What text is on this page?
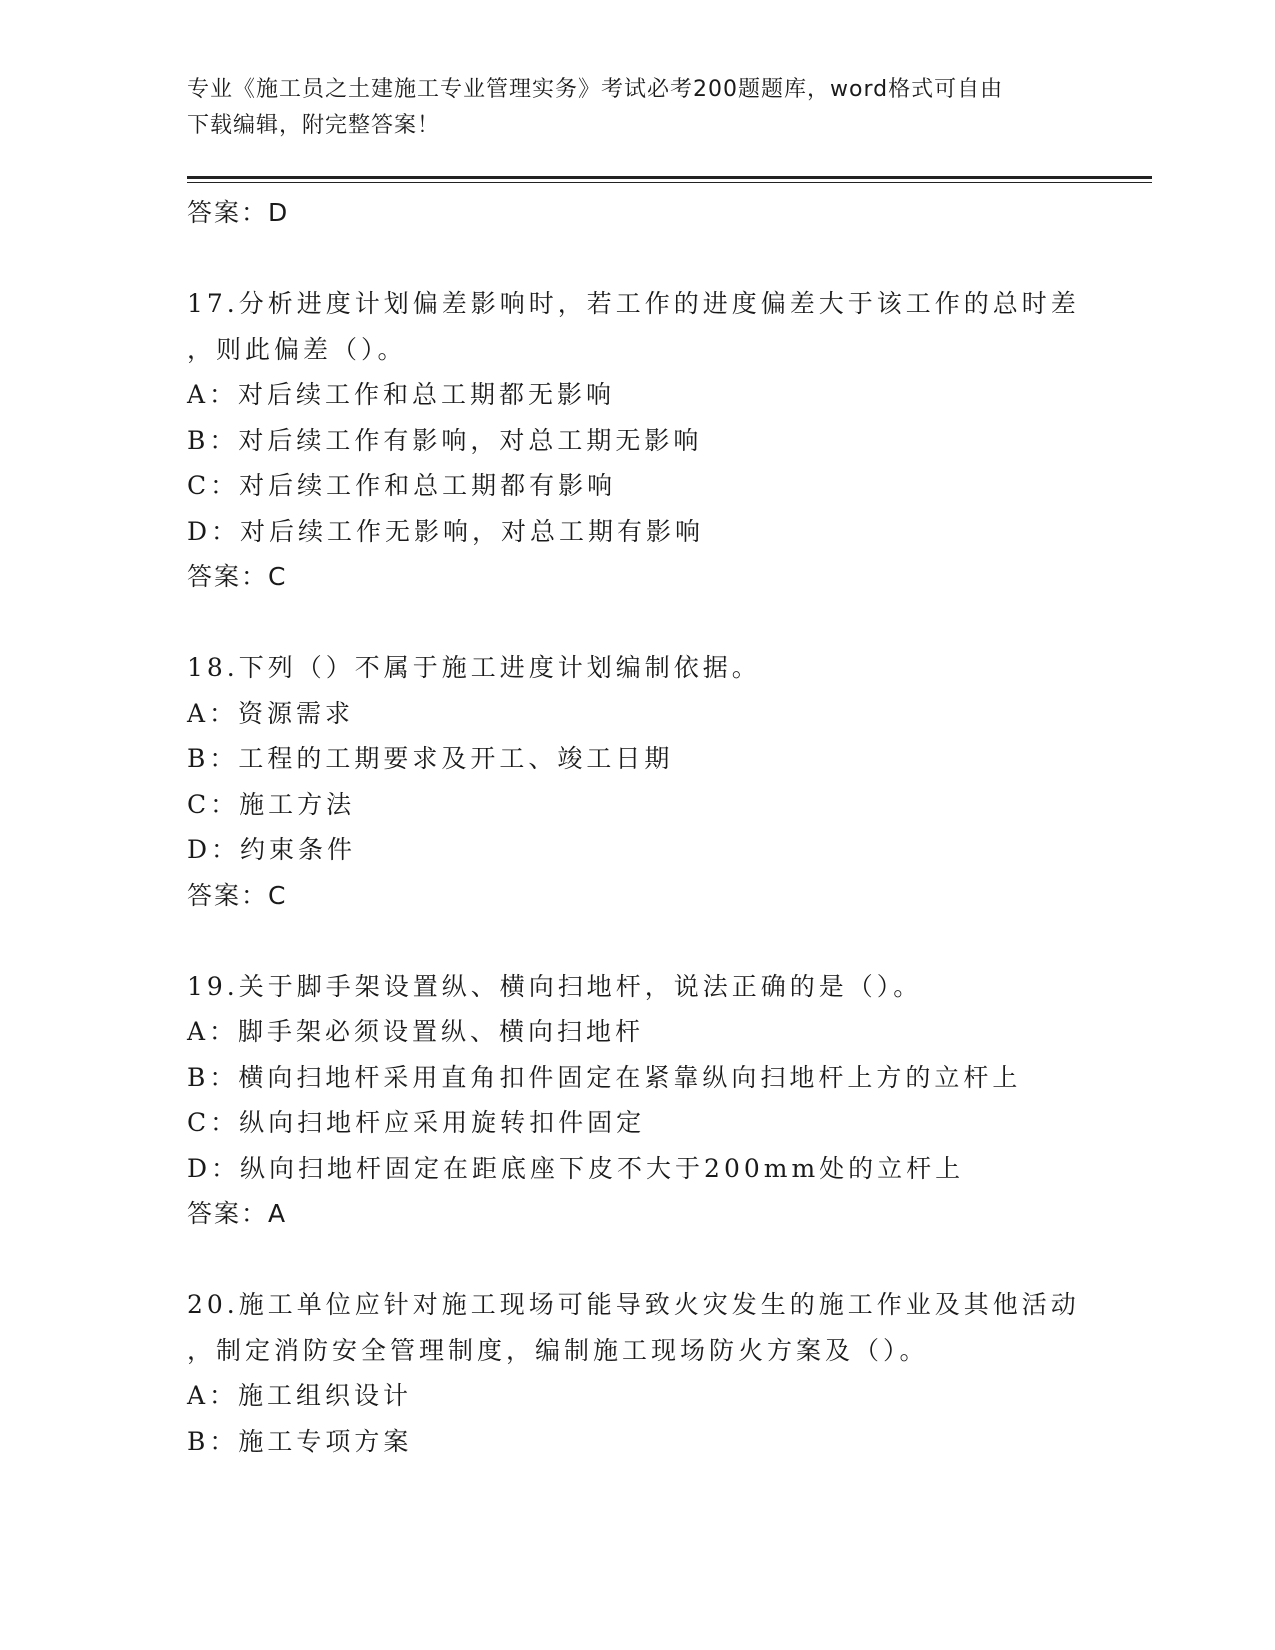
专业《施工员之土建施工专业管理实务》考试必考200题题库，word格式可自由
下载编辑，附完整答案！
答案：D
17.分析进度计划偏差影响时，若工作的进度偏差大于该工作的总时差
，则此偏差（）。
A：对后续工作和总工期都无影响
B：对后续工作有影响，对总工期无影响
C：对后续工作和总工期都有影响
D：对后续工作无影响，对总工期有影响
答案：C
18.下列（）不属于施工进度计划编制依据。
A：资源需求
B：工程的工期要求及开工、竣工日期
C：施工方法
D：约束条件
答案：C
19.关于脚手架设置纵、横向扫地杆，说法正确的是（）。
A：脚手架必须设置纵、横向扫地杆
B：横向扫地杆采用直角扣件固定在紧靠纵向扫地杆上方的立杆上
C：纵向扫地杆应采用旋转扣件固定
D：纵向扫地杆固定在距底座下皮不大于200mm处的立杆上
答案：A
20.施工单位应针对施工现场可能导致火灾发生的施工作业及其他活动
，制定消防安全管理制度，编制施工现场防火方案及（）。
A：施工组织设计
B：施工专项方案
